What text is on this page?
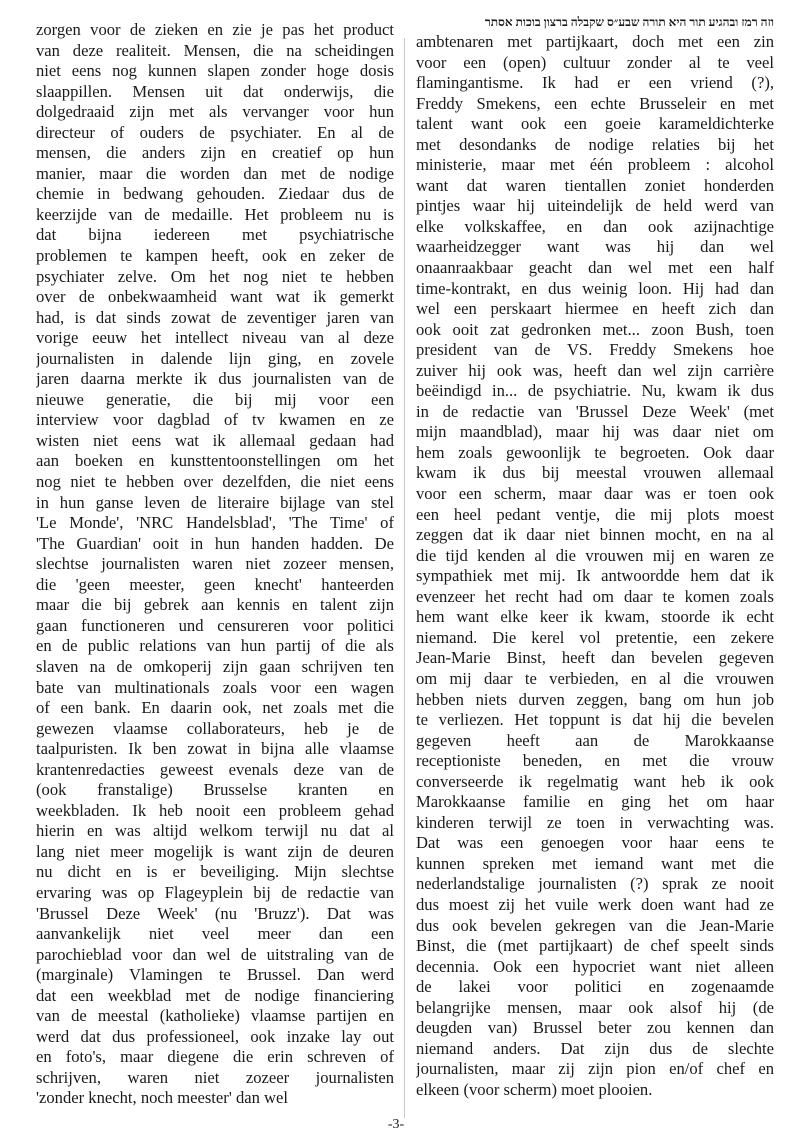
וזה רמז ובהגיע תור היא תורה שבע״ס שקבלה ברצון בוכות אסתר
zorgen voor de zieken en zie je pas het product
van deze realiteit. Mensen, die na scheidingen
niet eens nog kunnen slapen zonder hoge dosis
slaappillen. Mensen uit dat onderwijs, die
dolgedraaid zijn met als vervanger voor hun
directeur of ouders de psychiater. En al de
mensen, die anders zijn en creatief op hun
manier, maar die worden dan met de nodige
chemie in bedwang gehouden. Ziedaar dus de
keerzijde van de medaille. Het probleem nu is
dat bijna iedereen met psychiatrische
problemen te kampen heeft, ook en zeker de
psychiater zelve. Om het nog niet te hebben
over de onbekwaamheid want wat ik gemerkt
had, is dat sinds zowat de zeventiger jaren van
vorige eeuw het intellect niveau van al deze
journalisten in dalende lijn ging, en zovele
jaren daarna merkte ik dus journalisten van de
nieuwe generatie, die bij mij voor een
interview voor dagblad of tv kwamen en ze
wisten niet eens wat ik allemaal gedaan had
aan boeken en kunsttentoonstellingen om het
nog niet te hebben over dezelfden, die niet eens
in hun ganse leven de literaire bijlage van stel
'Le Monde', 'NRC Handelsblad', 'The Time' of
'The Guardian' ooit in hun handen hadden. De
slechtse journalisten waren niet zozeer mensen,
die 'geen meester, geen knecht' hanteerden
maar die bij gebrek aan kennis en talent zijn
gaan functioneren und censureren voor politici
en de public relations van hun partij of die als
slaven na de omkoperij zijn gaan schrijven ten
bate van multinationals zoals voor een wagen
of een bank. En daarin ook, net zoals met die
gewezen vlaamse collaborateurs, heb je de
taalpuristen. Ik ben zowat in bijna alle vlaamse
krantenredacties geweest evenals deze van de
(ook franstalige) Brusselse kranten en
weekbladen. Ik heb nooit een probleem gehad
hierin en was altijd welkom terwijl nu dat al
lang niet meer mogelijk is want zijn de deuren
nu dicht en is er beveiliging. Mijn slechtse
ervaring was op Flageyplein bij de redactie van
'Brussel Deze Week' (nu 'Bruzz'). Dat was
aanvankelijk niet veel meer dan een
parochieblad voor dan wel de uitstraling van de
(marginale) Vlamingen te Brussel. Dan werd
dat een weekblad met de nodige financiering
van de meestal (katholieke) vlaamse partijen en
werd dat dus professioneel, ook inzake lay out
en foto's, maar diegene die erin schreven of
schrijven, waren niet zozeer journalisten
'zonder knecht, noch meester' dan wel
ambtenaren met partijkaart, doch met een zin
voor een (open) cultuur zonder al te veel
flamingantisme. Ik had er een vriend (?),
Freddy Smekens, een echte Brusseleir en met
talent want ook een goeie karameldichterke
met desondanks de nodige relaties bij het
ministerie, maar met één probleem : alcohol
want dat waren tientallen zoniet honderden
pintjes waar hij uiteindelijk de held werd van
elke volkskaffee, en dan ook azijnachtige
waarheidzegger want was hij dan wel
onaanraakbaar geacht dan wel met een half
time-kontrakt, en dus weinig loon. Hij had dan
wel een perskaart hiermee en heeft zich dan
ook ooit zat gedronken met... zoon Bush, toen
president van de VS. Freddy Smekens hoe
zuiver hij ook was, heeft dan wel zijn carrière
beëindigd in... de psychiatrie. Nu, kwam ik dus
in de redactie van 'Brussel Deze Week' (met
mijn maandblad), maar hij was daar niet om
hem zoals gewoonlijk te begroeten. Ook daar
kwam ik dus bij meestal vrouwen allemaal
voor een scherm, maar daar was er toen ook
een heel pedant ventje, die mij plots moest
zeggen dat ik daar niet binnen mocht, en na al
die tijd kenden al die vrouwen mij en waren ze
sympathiek met mij. Ik antwoordde hem dat ik
evenzeer het recht had om daar te komen zoals
hem want elke keer ik kwam, stoorde ik echt
niemand. Die kerel vol pretentie, een zekere
Jean-Marie Binst, heeft dan bevelen gegeven
om mij daar te verbieden, en al die vrouwen
hebben niets durven zeggen, bang om hun job
te verliezen. Het toppunt is dat hij die bevelen
gegeven heeft aan de Marokkaanse
receptioniste beneden, en met die vrouw
converseerde ik regelmatig want heb ik ook
Marokkaanse familie en ging het om haar
kinderen terwijl ze toen in verwachting was.
Dat was een genoegen voor haar eens te
kunnen spreken met iemand want met die
nederlandstalige journalisten (?) sprak ze nooit
dus moest zij het vuile werk doen want had ze
dus ook bevelen gekregen van die Jean-Marie
Binst, die (met partijkaart) de chef speelt sinds
decennia. Ook een hypocriet want niet alleen
de lakei voor politici en zogenaamde
belangrijke mensen, maar ook alsof hij (de
deugden van) Brussel beter zou kennen dan
niemand anders. Dat zijn dus de slechte
journalisten, maar zij zijn pion en/of chef en
elkeen (voor scherm) moet plooien.
-3-
